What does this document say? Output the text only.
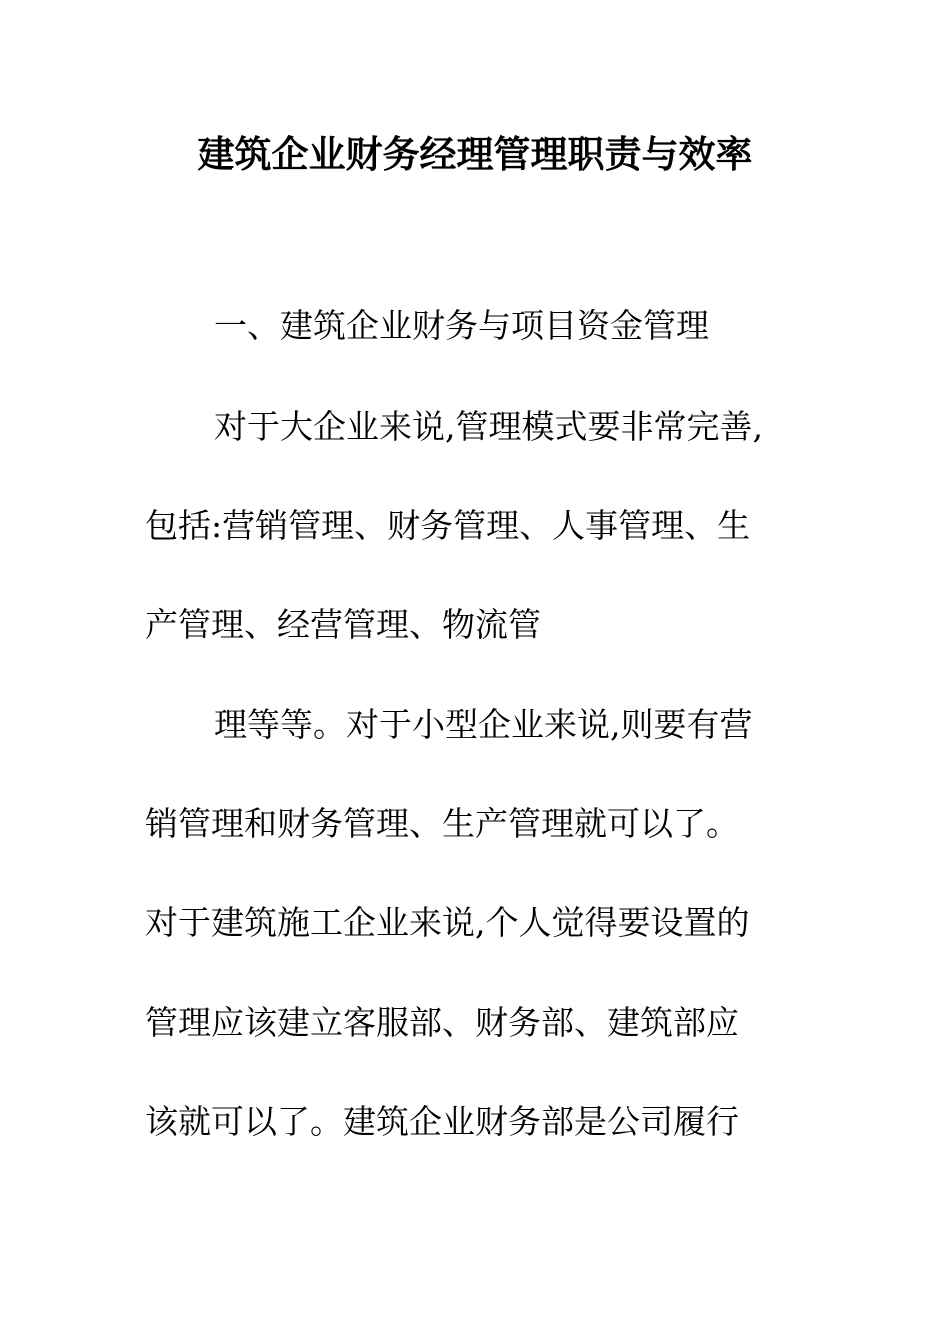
建筑企业财务经理管理职责与效率
一、建筑企业财务与项目资金管理
对于大企业来说,管理模式要非常完善,
包括:营销管理、财务管理、人事管理、生
产管理、经营管理、物流管
理等等。对于小型企业来说,则要有营
销管理和财务管理、生产管理就可以了。
对于建筑施工企业来说,个人觉得要设置的
管理应该建立客服部、财务部、建筑部应
该就可以了。建筑企业财务部是公司履行
